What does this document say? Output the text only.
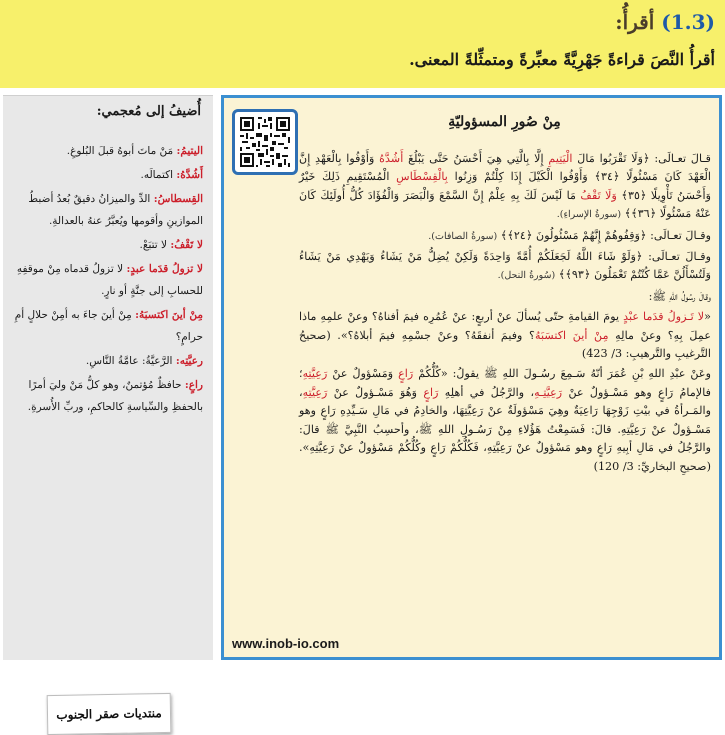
(1.3) أقرأُ:
أقرأُ النَّصَ قراءةً جَهْرِيَّةً معبِّرةً ومتمثِّلةً المعنى.
أُضيفُ إلى مُعجمي:
اليتيمُ: مَنْ ماتَ أبوهُ قبلَ البُلوغِ.
أَشُدَّهُ: اكتمالَه.
القِسطاسُ: الدِّ والميزانُ دقيقٌ بُعدُ أضبطُ الموازينِ وأقومها ويُعبَّرُ عنهُ بالعدالةِ.
لا تَقْفُ: لا تتبَعْ.
لا تزولُ قدَما عبدٍ: لا تزولُ قدماه مِنْ موقفِهِ للحسابِ إلى جنَّةٍ أو نارٍ.
مِنْ أينَ اكتسبَهُ: مِنْ أينَ جاءَ به أمِنْ حلالٍ أمِ حرامٍ؟
رعيَّتِه: الرَّعيَّةُ: عامَّةُ النَّاسِ.
راعٍ: حافظٌ مُؤتمنٌ، وهو كلُّ مَنْ وليَ أمرًا بالحفظِ والسِّياسةِ كالحاكمِ، وربِّ الأُسرةِ.
منتديات صقر الجنوب
مِنْ صُورِ المسؤوليّةِ

قـالَ تعـالَى: ﴿وَلَا تَقْرَبُوا مَالَ الْيَتِيمِ إِلَّا بِالَّتِي هِيَ أَحْسَنُ حَتَّى يَبْلُغَ أَشُدَّهُ وَأَوْفُوا بِالْعَهْدِ إِنَّ الْعَهْدَ كَانَ مَسْئُولًا ﴿٣٤﴾ وَأَوْفُوا الْكَيْلَ إِذَا كِلْتُمْ وَزِنُوا بِالْقِسْطَاسِ الْمُسْتَقِيمِ ذَلِكَ خَيْرٌ وَأَحْسَنُ تَأْوِيلًا ﴿٣٥﴾ وَلَا تَقْفُ مَا لَيْسَ لَكَ بِهِ عِلْمٌ إِنَّ السَّمْعَ وَالْبَصَرَ وَالْفُؤَادَ كُلُّ أُولَئِكَ كَانَ عَنْهُ مَسْئُولًا ﴿٣٦﴾﴾ (سورةُ الإسراءِ).

وقـالَ تعـالَى: ﴿وَقِفُوهُمْ إِنَّهُمْ مَسْئُولُونَ ﴿٢٤﴾﴾ (سورةُ الصافات).

وقـالَ تعـالَى: ﴿وَلَوْ شَاءَ اللَّهُ لَجَعَلَكُمْ أُمَّةً وَاحِدَةً وَلَكِنْ يُضِلُّ مَنْ يَشَاءُ وَيَهْدِي مَنْ يَشَاءُ وَلَتُسْأَلُنَّ عَمَّا كُنْتُمْ تَعْمَلُونَ ﴿٩٣﴾﴾ (سُورةُ النحل).

وقالَ رسُولُ اللهِ ﷺ:

«لا تَـزولُ قدَما عبْدٍ يومَ القيامةِ حتّى يُسألَ عنْ أربعٍ: عنْ عُمُرِه فيمَ أفناهُ؟ وعنْ علمِهِ ماذا عمِلَ بِهِ؟ وعنْ مالِهِ مِنْ أينَ اكتسَبَهُ؟ وفيمَ أنفقَهُ؟ وعنْ جسْمِهِ فيمَ أبلاهُ؟». (صحيحُ التَّرغيبِ والتَّرهيبِ: 3/ 423)

وعَنْ عبْدِ اللهِ بْنِ عُمَرَ أنّهُ سَـمِعَ رسُـولَ اللهِ ﷺ يقولُ: «كُلُّكُمْ رَاعٍ وَمَسْؤولٌ عنْ رَعِيَّتِهِ؛ فالإمامُ رَاعٍ وهو مَسْـؤولٌ عنْ رَعِيَّتِـهِ، والرَّجُلُ في أهلِهِ رَاعٍ وَهُوَ مَسْـؤولٌ عنْ رَعِيَّتِهِ، والمَـرأةُ في بيْتِ زَوْجِهَا رَاعِيَةٌ وهِيَ مَسْؤولَةٌ عنْ رَعِيَّتِهَا، والخادِمُ في مَالِ سَـيِّدِهِ رَاعٍ وهو مَسْـؤولٌ عنْ رَعِيَّتِهِ. قالَ: فَسَمِعْتُ هَؤُلاءِ مِنْ رَسُـولِ اللهِ ﷺ، وأحسِبُ النَّبِيَّ ﷺ قالَ: والرَّجُلُ في مَالِ أبِيهِ رَاعٍ وهو مَسْؤولٌ عنْ رَعِيَّتِهِ، فَكُلُّكُمْ رَاعٍ وكُلُّكُمْ مَسْؤولٌ عنْ رَعِيَّتِهِ». (صحيحِ البخاريِّ: 3/ 120)

www.inob-io.com
